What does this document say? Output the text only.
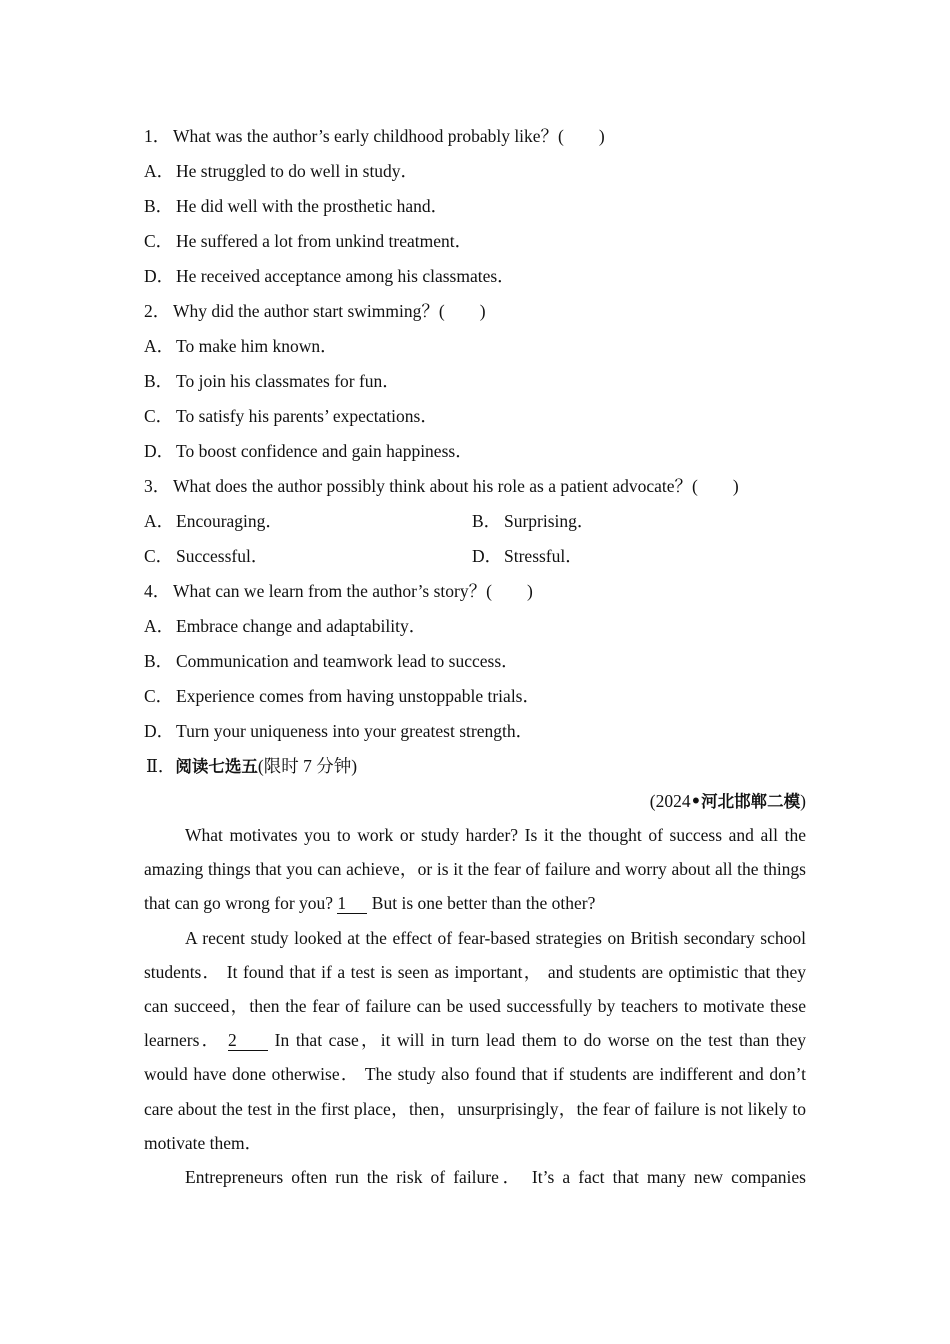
1． What was the author’s early childhood probably like？(　　)
A． He struggled to do well in study．
B． He did well with the prosthetic hand．
C． He suffered a lot from unkind treatment．
D． He received acceptance among his classmates．
2． Why did the author start swimming？(　　)
A． To make him known．
B． To join his classmates for fun．
C． To satisfy his parents’ expectations．
D． To boost confidence and gain happiness．
3． What does the author possibly think about his role as a patient advocate？(　　)
A． Encouraging．	B． Surprising．
C． Successful．	D． Stressful．
4． What can we learn from the author’s story？(　　)
A． Embrace change and adaptability．
B． Communication and teamwork lead to success．
C． Experience comes from having unstoppable trials．
D． Turn your uniqueness into your greatest strength．
Ⅱ．阅读七选五(限时 7 分钟)
(2024•河北邯郸二模)

What motivates you to work or study harder? Is it the thought of success and all the amazing things that you can achieve，or is it the fear of failure and worry about all the things that can go wrong for you? 1 But is one better than the other?

A recent study looked at the effect of fear-based strategies on British secondary school students． It found that if a test is seen as important， and students are optimistic that they can succeed，then the fear of failure can be used successfully by teachers to motivate these learners． 2 In that case，it will in turn lead them to do worse on the test than they would have done otherwise． The study also found that if students are indifferent and don’t care about the test in the first place，then，unsurprisingly，the fear of failure is not likely to motivate them．

Entrepreneurs often run the risk of failure． It’s a fact that many new companies
